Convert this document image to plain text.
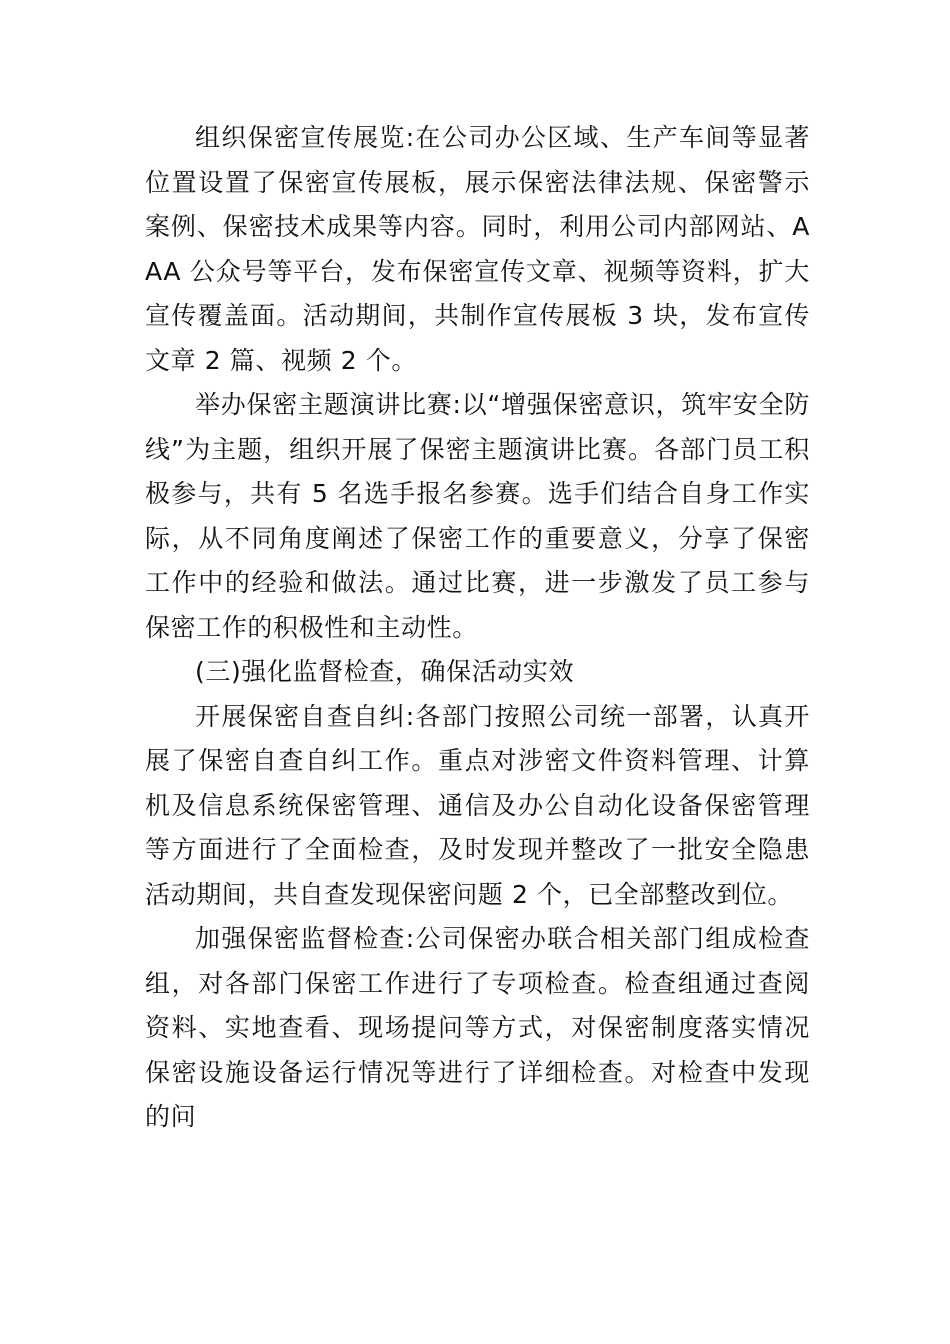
组织保密宣传展览:在公司办公区域、生产车间等显著位置设置了保密宣传展板，展示保密法律法规、保密警示案例、保密技术成果等内容。同时，利用公司内部网站、AAA 公众号等平台，发布保密宣传文章、视频等资料，扩大宣传覆盖面。活动期间，共制作宣传展板 3 块，发布宣传文章 2 篇、视频 2 个。

举办保密主题演讲比赛:以“增强保密意识，筑牢安全防线”为主题，组织开展了保密主题演讲比赛。各部门员工积极参与，共有 5 名选手报名参赛。选手们结合自身工作实际，从不同角度阐述了保密工作的重要意义，分享了保密工作中的经验和做法。通过比赛，进一步激发了员工参与保密工作的积极性和主动性。

(三)强化监督检查，确保活动实效

开展保密自查自纠:各部门按照公司统一部署，认真开展了保密自查自纠工作。重点对涉密文件资料管理、计算机及信息系统保密管理、通信及办公自动化设备保密管理等方面进行了全面检查，及时发现并整改了一批安全隐患活动期间，共自查发现保密问题 2 个，已全部整改到位。

加强保密监督检查:公司保密办联合相关部门组成检查组，对各部门保密工作进行了专项检查。检查组通过查阅资料、实地查看、现场提问等方式，对保密制度落实情况保密设施设备运行情况等进行了详细检查。对检查中发现的问
